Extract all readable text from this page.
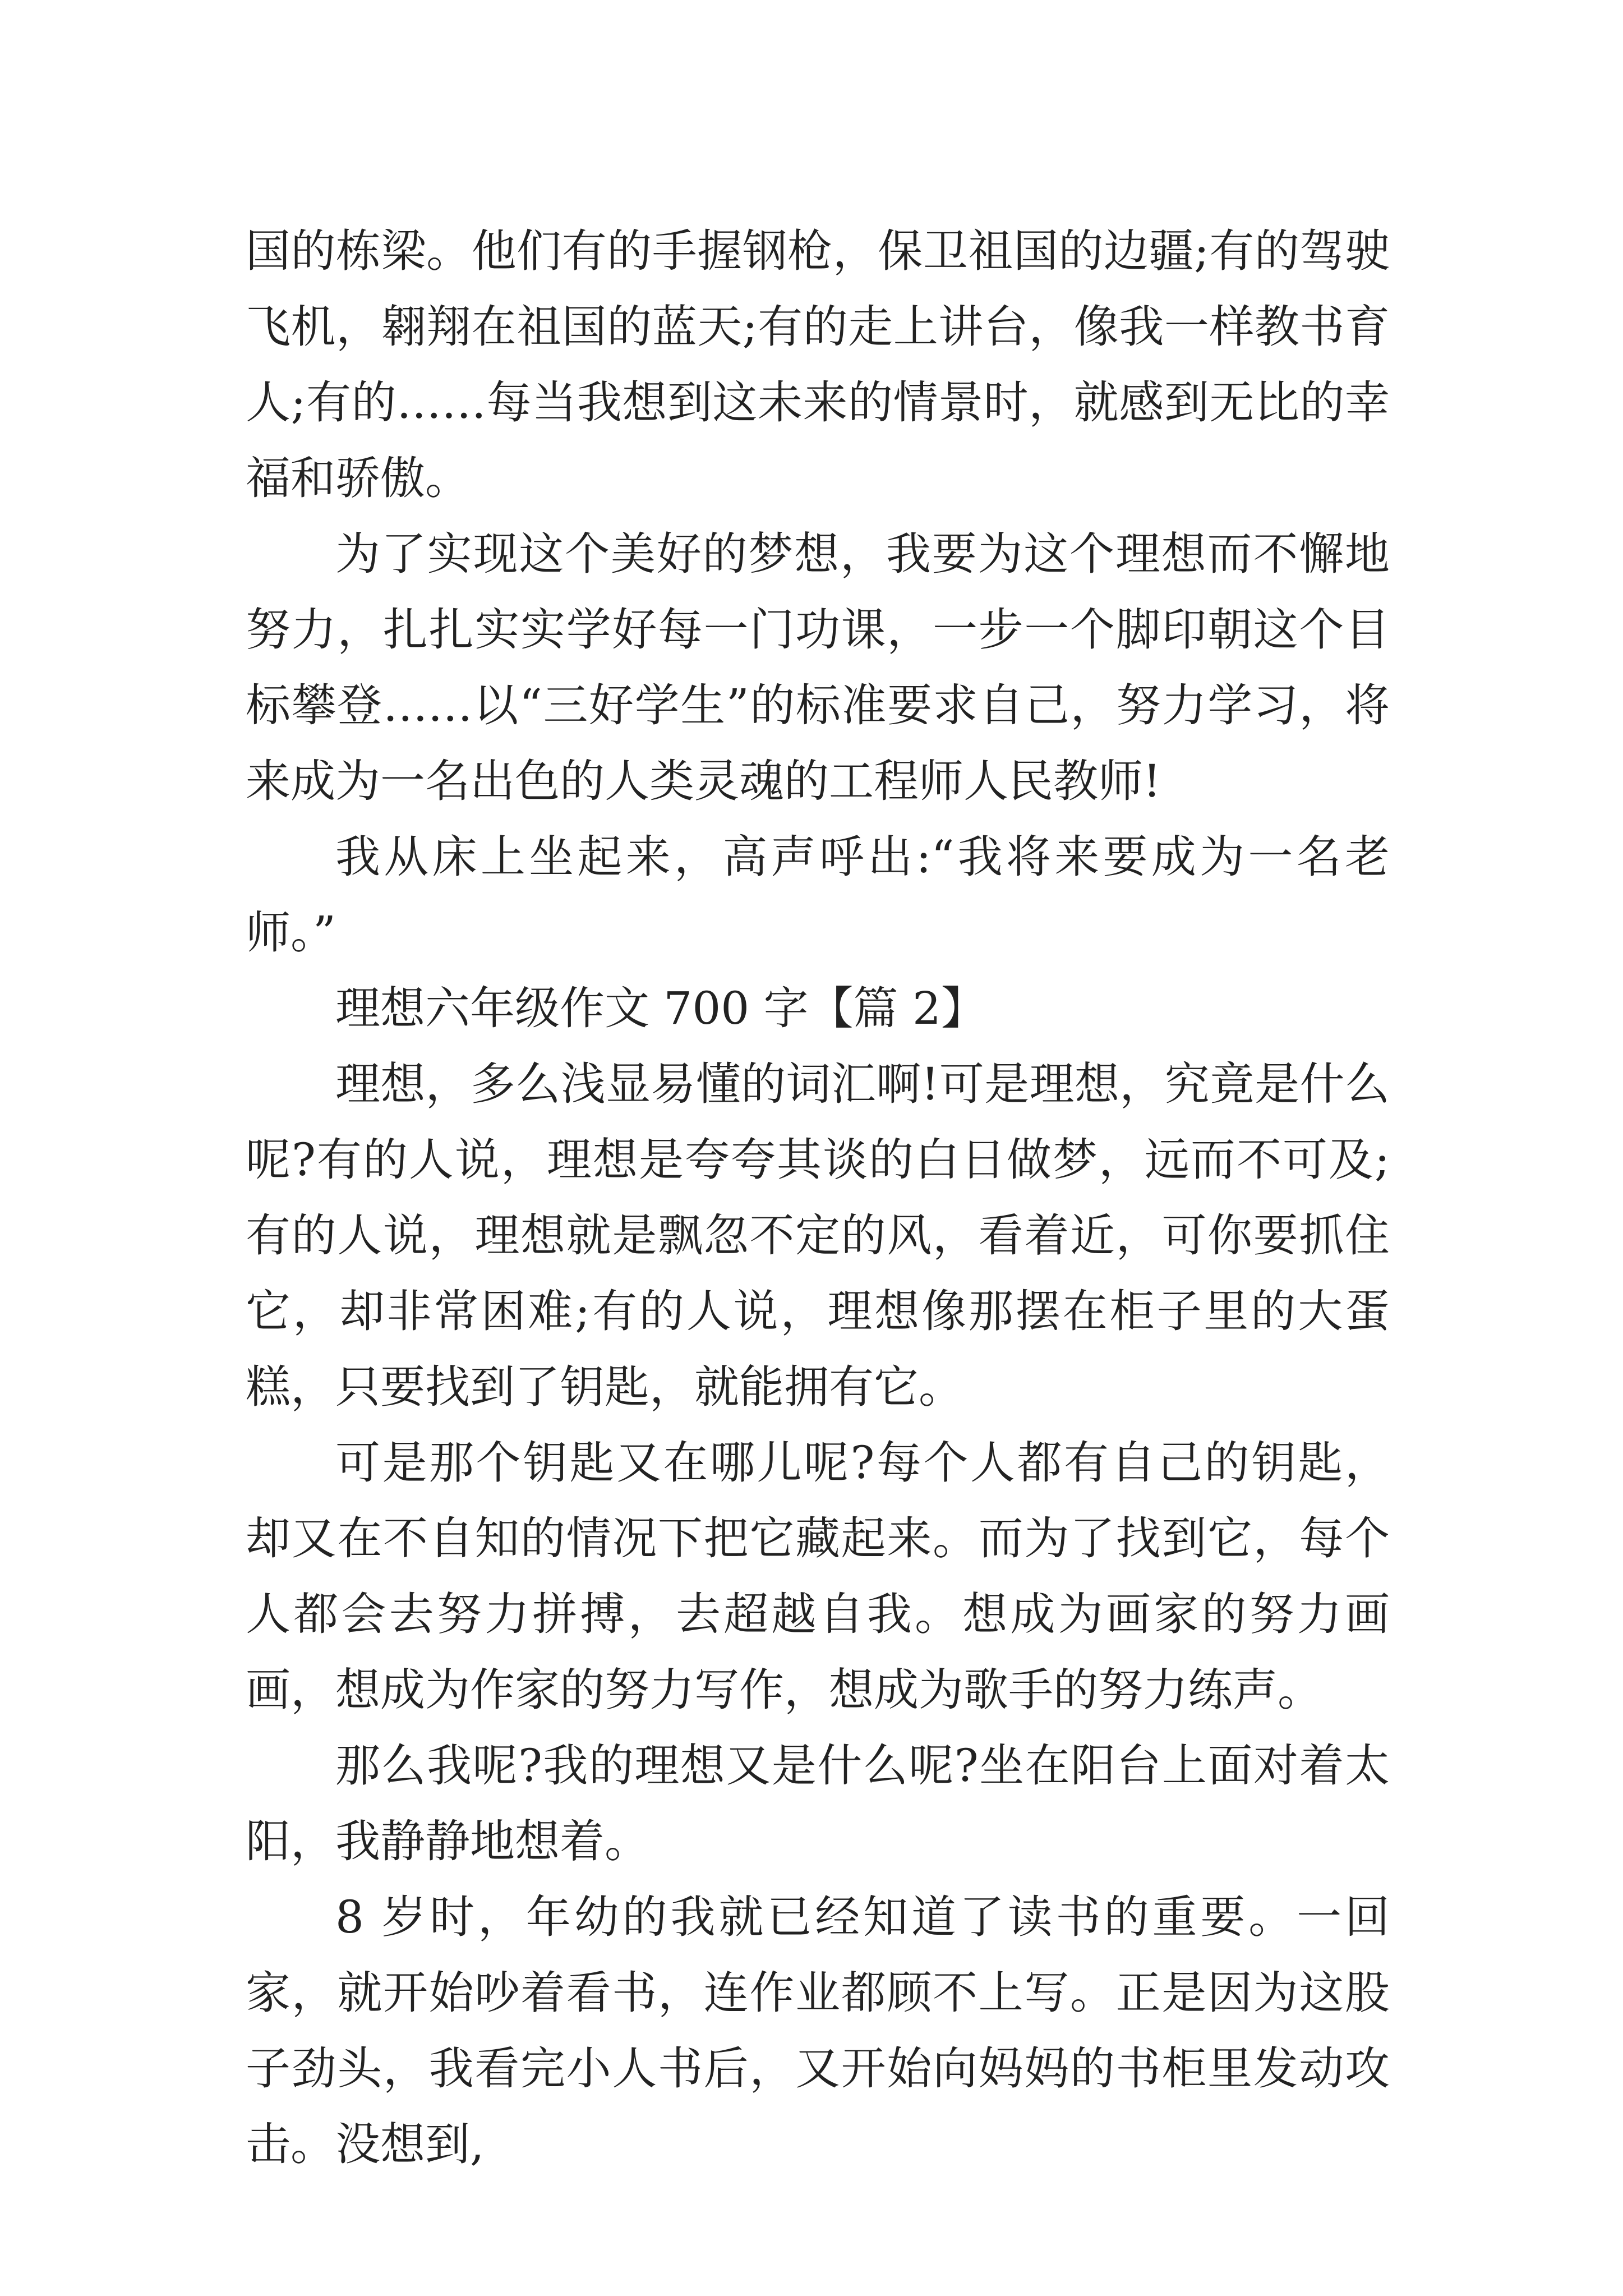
国的栋梁。他们有的手握钢枪，保卫祖国的边疆;有的驾驶飞机，翱翔在祖国的蓝天;有的走上讲台，像我一样教书育人;有的……每当我想到这未来的情景时，就感到无比的幸福和骄傲。

为了实现这个美好的梦想，我要为这个理想而不懈地努力，扎扎实实学好每一门功课，一步一个脚印朝这个目标攀登……以“三好学生”的标准要求自己，努力学习，将来成为一名出色的人类灵魂的工程师人民教师!

我从床上坐起来，高声呼出:“我将来要成为一名老师。”

理想六年级作文 700 字【篇 2】

理想，多么浅显易懂的词汇啊!可是理想，究竟是什么呢?有的人说，理想是夸夸其谈的白日做梦，远而不可及;有的人说，理想就是飘忽不定的风，看着近，可你要抓住它，却非常困难;有的人说，理想像那摆在柜子里的大蛋糕，只要找到了钥匙，就能拥有它。

可是那个钥匙又在哪儿呢?每个人都有自己的钥匙，却又在不自知的情况下把它藏起来。而为了找到它，每个人都会去努力拼搏，去超越自我。想成为画家的努力画画，想成为作家的努力写作，想成为歌手的努力练声。

那么我呢?我的理想又是什么呢?坐在阳台上面对着太阳，我静静地想着。

8 岁时，年幼的我就已经知道了读书的重要。一回家，就开始吵着看书，连作业都顾不上写。正是因为这股子劲头，我看完小人书后，又开始向妈妈的书柜里发动攻击。没想到,
